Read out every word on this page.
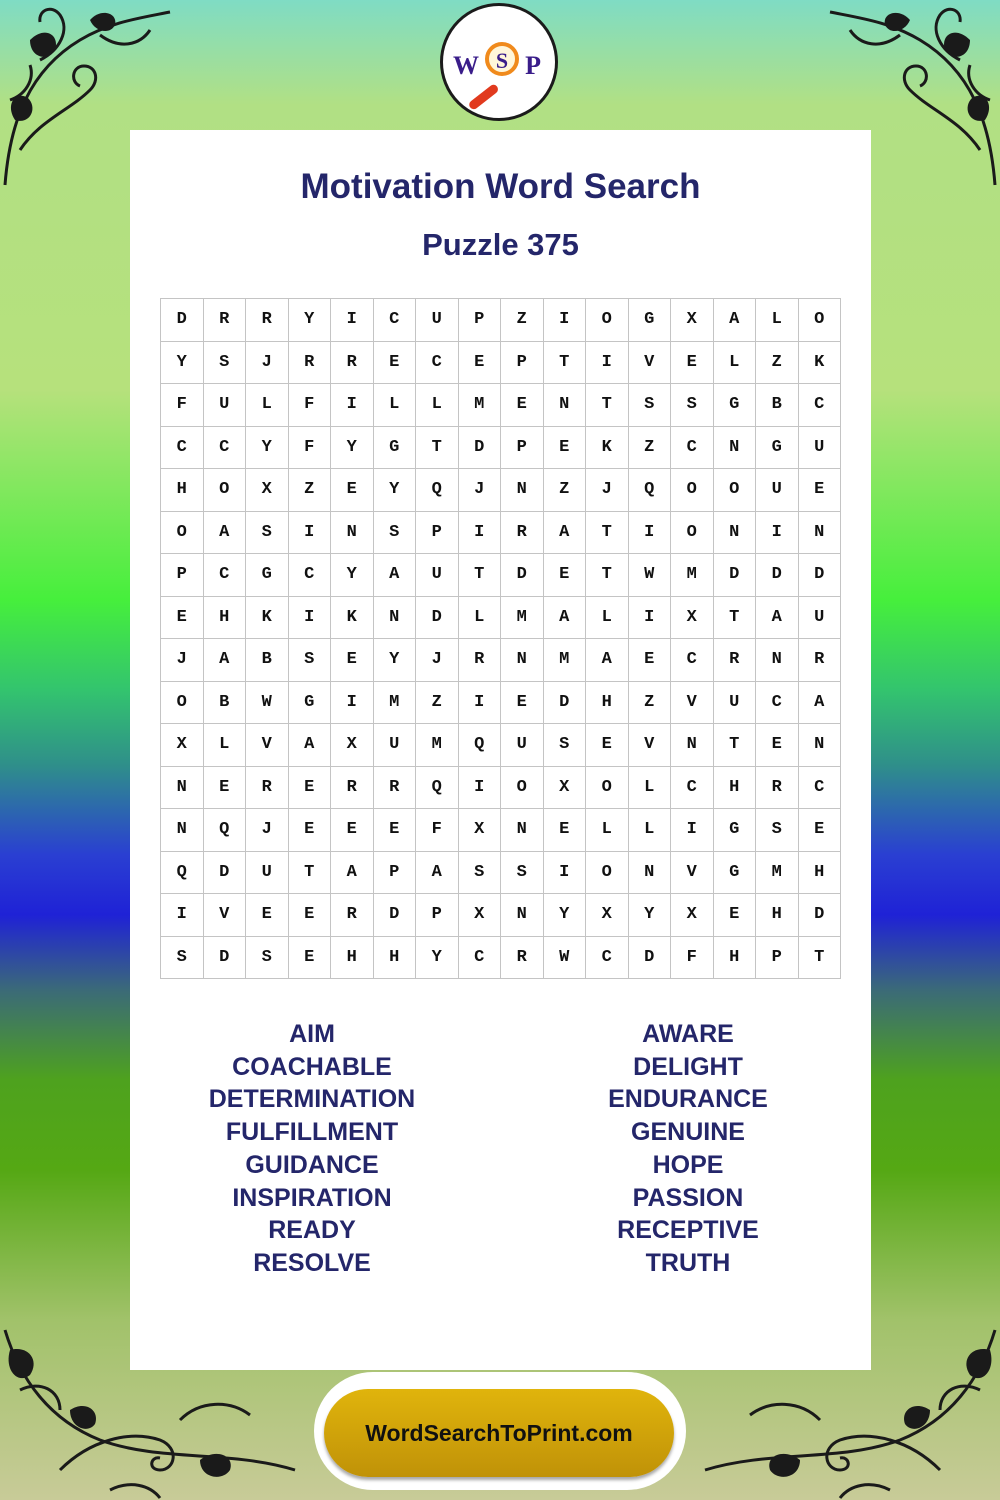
W S P
Motivation Word Search
Puzzle 375
D	R	R	Y	I	C	U	P	Z	I	O	G	X	A	L	O
Y	S	J	R	R	E	C	E	P	T	I	V	E	L	Z	K
F	U	L	F	I	L	L	M	E	N	T	S	S	G	B	C
C	C	Y	F	Y	G	T	D	P	E	K	Z	C	N	G	U
H	O	X	Z	E	Y	Q	J	N	Z	J	Q	O	O	U	E
O	A	S	I	N	S	P	I	R	A	T	I	O	N	I	N
P	C	G	C	Y	A	U	T	D	E	T	W	M	D	D	D
E	H	K	I	K	N	D	L	M	A	L	I	X	T	A	U
J	A	B	S	E	Y	J	R	N	M	A	E	C	R	N	R
O	B	W	G	I	M	Z	I	E	D	H	Z	V	U	C	A
X	L	V	A	X	U	M	Q	U	S	E	V	N	T	E	N
N	E	R	E	R	R	Q	I	O	X	O	L	C	H	R	C
N	Q	J	E	E	E	F	X	N	E	L	L	I	G	S	E
Q	D	U	T	A	P	A	S	S	I	O	N	V	G	M	H
I	V	E	E	R	D	P	X	N	Y	X	Y	X	E	H	D
S	D	S	E	H	H	Y	C	R	W	C	D	F	H	P	T
AIM
COACHABLE
DETERMINATION
FULFILLMENT
GUIDANCE
INSPIRATION
READY
RESOLVE
AWARE
DELIGHT
ENDURANCE
GENUINE
HOPE
PASSION
RECEPTIVE
TRUTH
WordSearchToPrint.com
